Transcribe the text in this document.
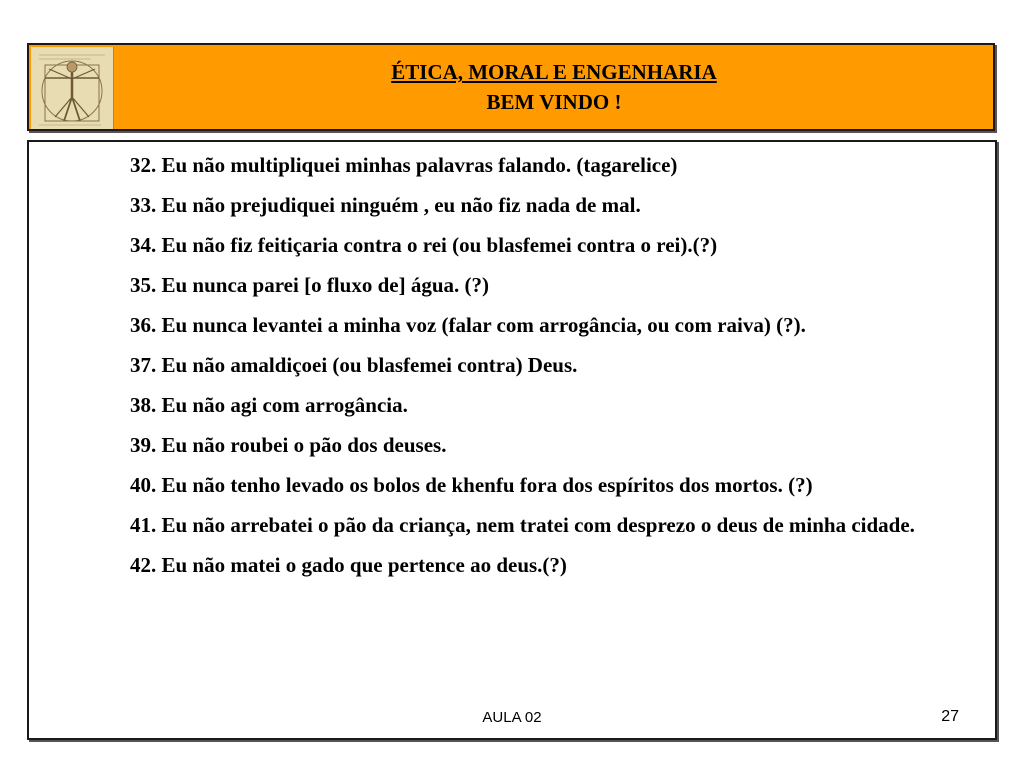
ÉTICA, MORAL E ENGENHARIA
BEM VINDO !
32. Eu não multipliquei minhas palavras falando. (tagarelice)
33. Eu não prejudiquei ninguém , eu não fiz nada de mal.
34. Eu não fiz feitiçaria contra o rei (ou blasfemei contra o rei).(?)
35. Eu nunca parei [o fluxo de] água. (?)
36. Eu nunca levantei a minha voz (falar com arrogância, ou com raiva) (?).
37. Eu não amaldiçoei (ou blasfemei contra) Deus.
38. Eu não agi com arrogância.
39. Eu não roubei o pão dos deuses.
40. Eu não tenho levado os bolos de khenfu fora dos espíritos dos mortos. (?)
41. Eu não arrebatei o pão da criança, nem tratei com desprezo o deus de minha cidade.
42. Eu não matei o gado que pertence ao deus.(?)
AULA 02	27
